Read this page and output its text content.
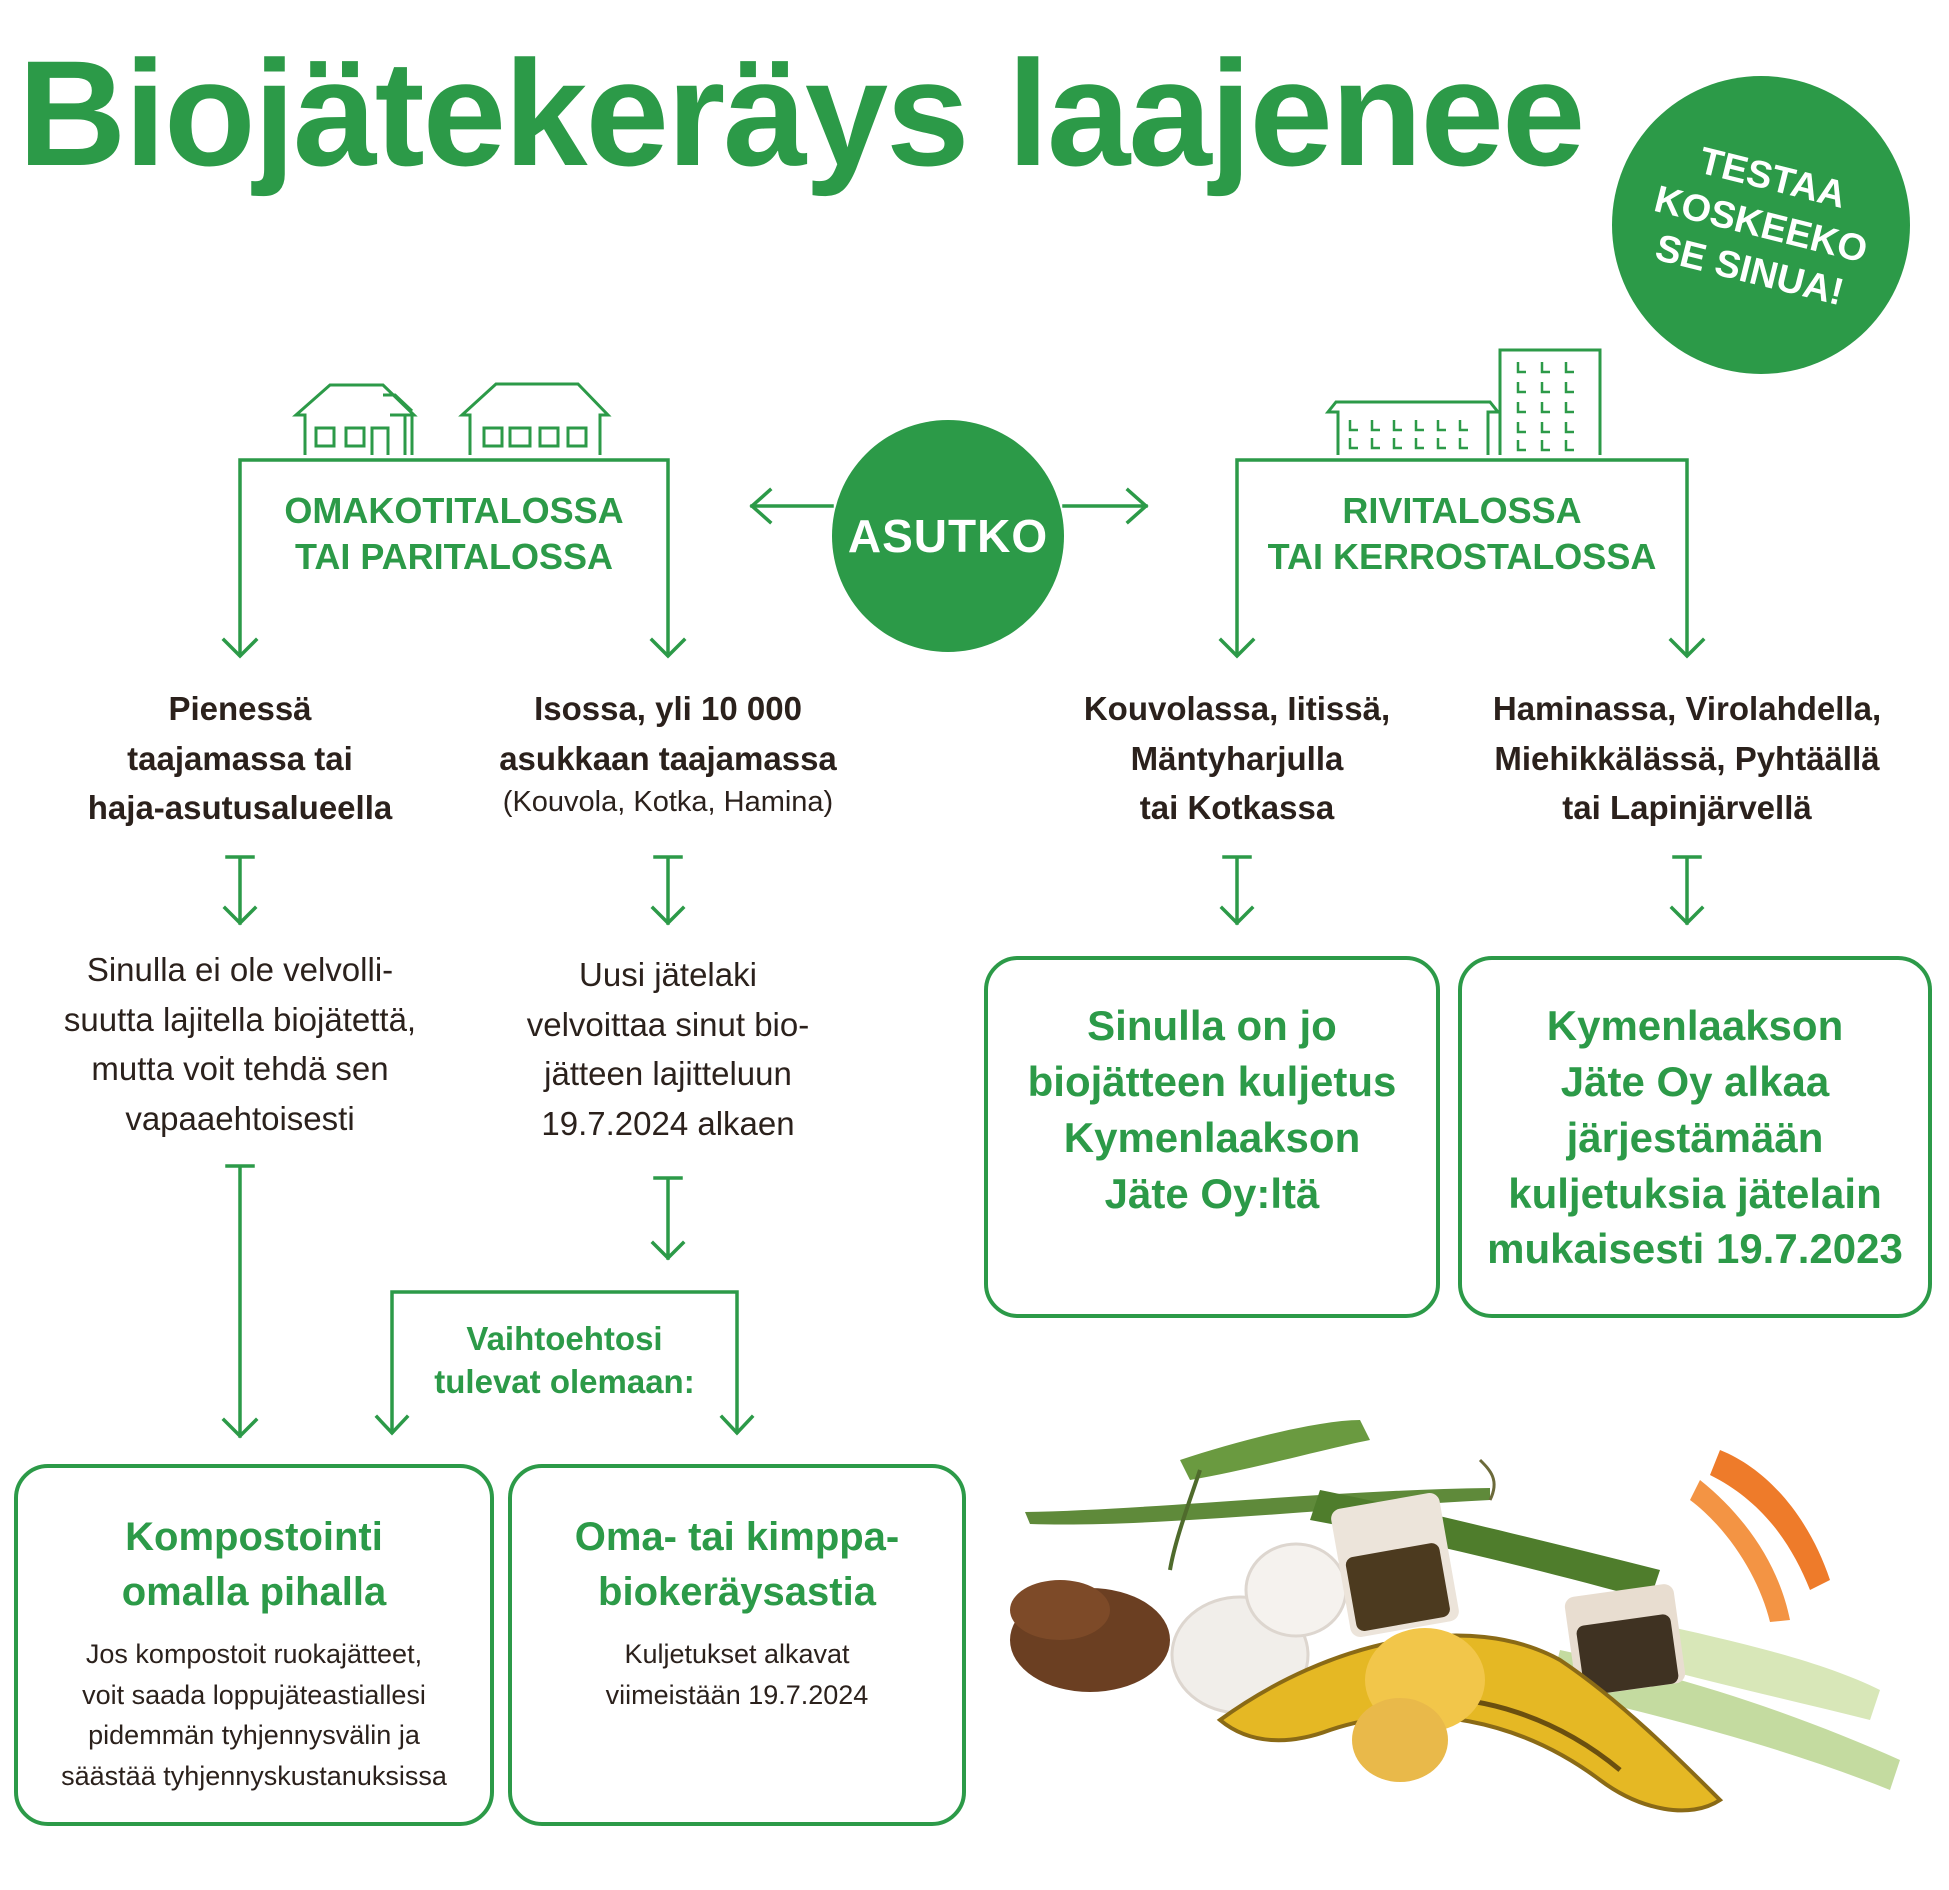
Biojätekeräys laajenee	TESTAA
KOSKEEKO
SE SINUA!
ASUTKO
OMAKOTITALOSSA
TAI PARITALOSSA
RIVITALOSSA
TAI KERROSTALOSSA
Pienessä
taajamassa tai
haja-asutusalueella
Isossa, yli 10 000
asukkaan taajamassa
(Kouvola, Kotka, Hamina)
Kouvolassa, Iitissä,
Mäntyharjulla
tai Kotkassa
Haminassa, Virolahdella,
Miehikkälässä, Pyhtäällä
tai Lapinjärvellä
Sinulla ei ole velvolli-
suutta lajitella biojätettä,
mutta voit tehdä sen
vapaaehtoisesti
Uusi jätelaki
velvoittaa sinut bio-
jätteen lajitteluun
19.7.2024 alkaen
Sinulla on jo
biojätteen kuljetus
Kymenlaakson
Jäte Oy:ltä
Kymenlaakson
Jäte Oy alkaa
järjestämään
kuljetuksia jätelain
mukaisesti 19.7.2023
Vaihtoehtosi
tulevat olemaan:
Kompostointi
omalla pihalla
Jos kompostoit ruokajätteet,
voit saada loppujäteastiallesi
pidemmän tyhjennysvälin ja
säästää tyhjennyskustanuksissa
Oma- tai kimppa-
biokeräysastia
Kuljetukset alkavat
viimeistään 19.7.2024
